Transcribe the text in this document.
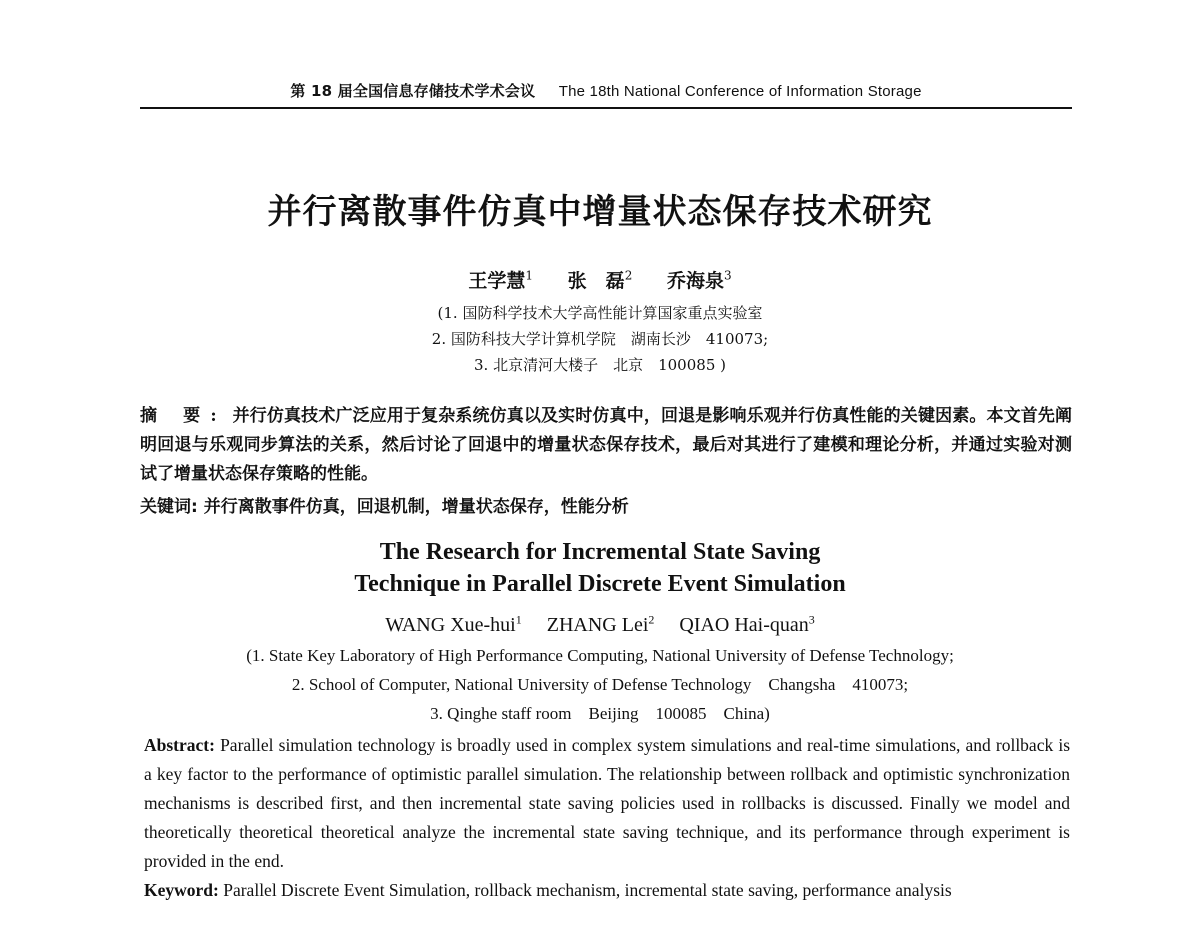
第 18 届全国信息存储技术学术会议 The 18th National Conference of Information Storage
并行离散事件仿真中增量状态保存技术研究
王学慧$^1$ 张　磊$^2$ 乔海泉$^3$
(1. 国防科学技术大学高性能计算国家重点实验室
2. 国防科技大学计算机学院　湖南长沙　410073;
3. 北京清河大楼子　北京　100085 )
摘 要: 并行仿真技术广泛应用于复杂系统仿真以及实时仿真中，回退是影响乐观并行仿真性能的关键因素。本文首先阐明回退与乐观同步算法的关系，然后讨论了回退中的增量状态保存技术，最后对其进行了建模和理论分析，并通过实验对测试了增量状态保存策略的性能。
关键词: 并行离散事件仿真，回退机制，增量状态保存，性能分析
The Research for Incremental State Saving
Technique in Parallel Discrete Event Simulation
WANG Xue-hui$^1$ ZHANG Lei$^2$ QIAO Hai-quan$^3$
(1. State Key Laboratory of High Performance Computing, National University of Defense Technology;
2. School of Computer, National University of Defense Technology　Changsha　410073;
3. Qinghe staff room　Beijing　100085　China)
Abstract: Parallel simulation technology is broadly used in complex system simulations and real-time simulations, and rollback is a key factor to the performance of optimistic parallel simulation. The relationship between rollback and optimistic synchronization mechanisms is described first, and then incremental state saving policies used in rollbacks is discussed. Finally we model and theoretically theoretical theoretical analyze the incremental state saving technique, and its performance through experiment is provided in the end.
Keyword: Parallel Discrete Event Simulation, rollback mechanism, incremental state saving, performance analysis
